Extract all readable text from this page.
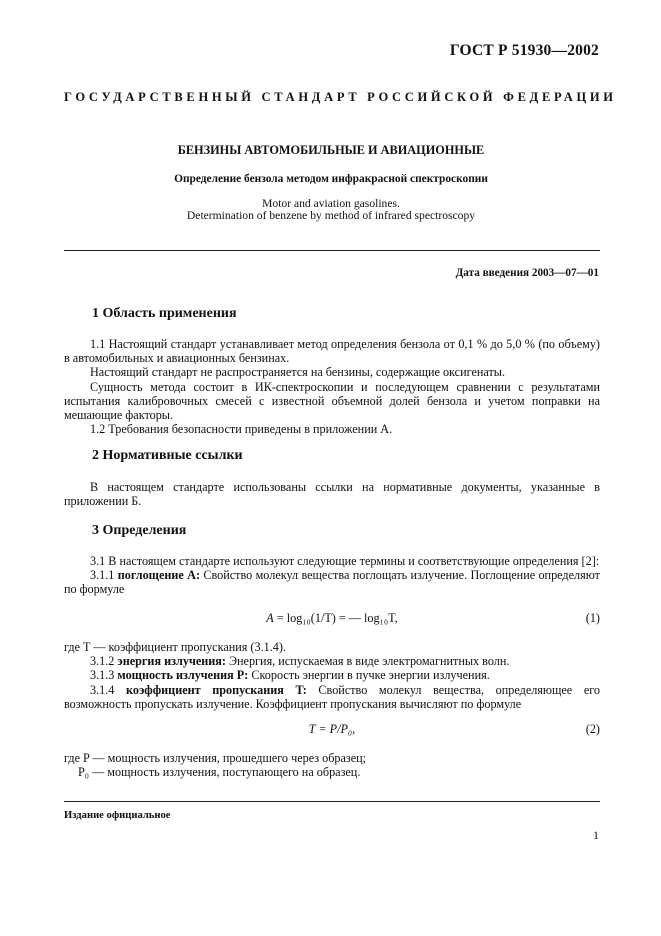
ГОСТ Р 51930—2002
ГОСУДАРСТВЕННЫЙ СТАНДАРТ РОССИЙСКОЙ ФЕДЕРАЦИИ
БЕНЗИНЫ АВТОМОБИЛЬНЫЕ И АВИАЦИОННЫЕ
Определение бензола методом инфракрасной спектроскопии
Motor and aviation gasolines.
Determination of benzene by method of infrared spectroscopy
Дата введения 2003—07—01
1 Область применения

1.1 Настоящий стандарт устанавливает метод определения бензола от 0,1 % до 5,0 % (по объему) в автомобильных и авиационных бензинах.

Настоящий стандарт не распространяется на бензины, содержащие оксигенаты.

Сущность метода состоит в ИК-спектроскопии и последующем сравнении с результатами испытания калибровочных смесей с известной объемной долей бензола и учетом поправки на мешающие факторы.

1.2 Требования безопасности приведены в приложении А.

2 Нормативные ссылки

В настоящем стандарте использованы ссылки на нормативные документы, указанные в приложении Б.

3 Определения

3.1 В настоящем стандарте используют следующие термины и соответствующие определения [2]:

3.1.1 поглощение A: Свойство молекул вещества поглощать излучение. Поглощение определяют по формуле

A = log₁₀(1/T) = — log₁₀T,	(1)

где T — коэффициент пропускания (3.1.4).

3.1.2 энергия излучения: Энергия, испускаемая в виде электромагнитных волн.

3.1.3 мощность излучения P: Скорость энергии в пучке энергии излучения.

3.1.4 коэффициент пропускания T: Свойство молекул вещества, определяющее его возможность пропускать излучение. Коэффициент пропускания вычисляют по формуле

T = P/P₀,	(2)

где P — мощность излучения, прошедшего через образец;

P₀ — мощность излучения, поступающего на образец.

Издание официальное
1
